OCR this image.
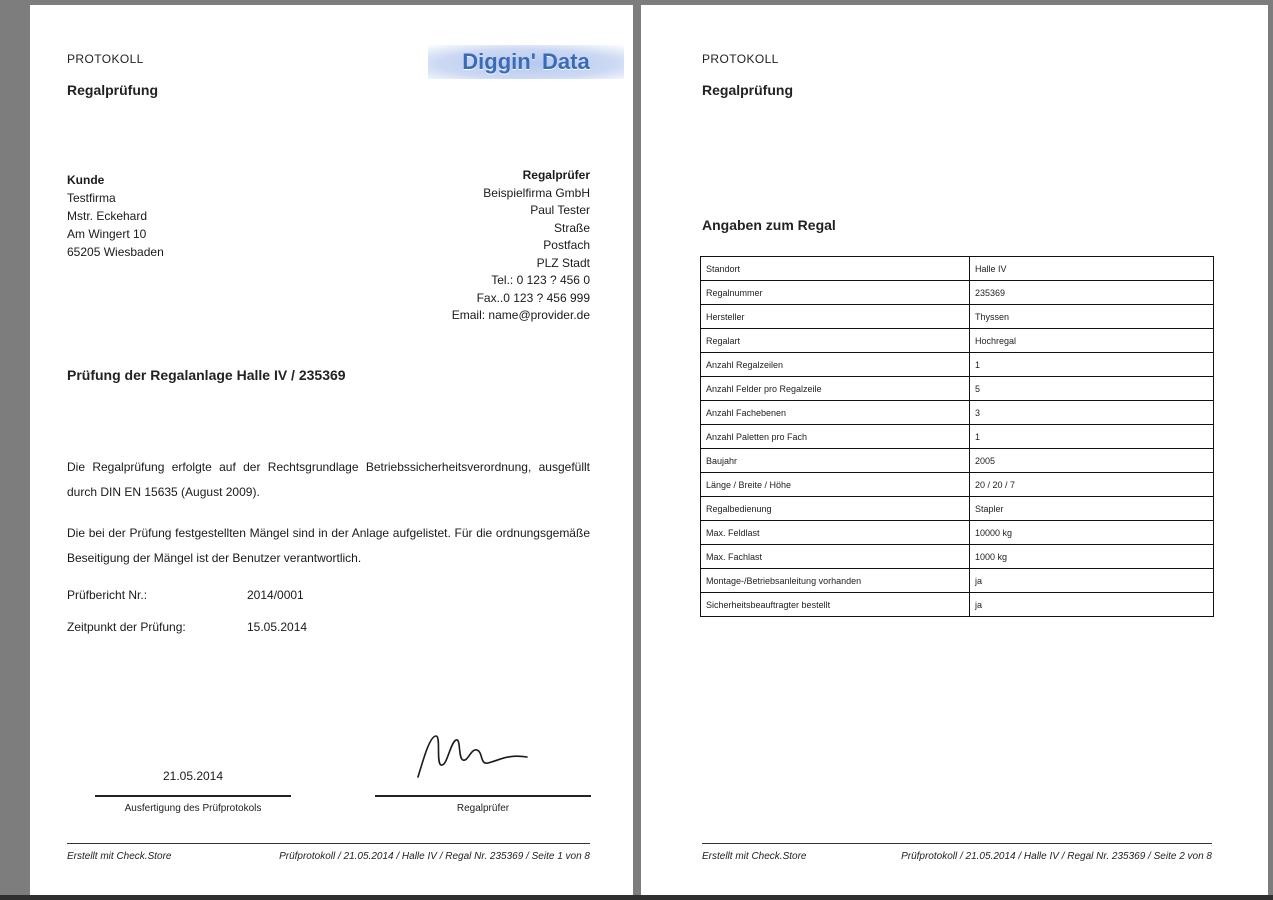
PROTOKOLL
Regalprüfung
Diggin' Data
Kunde
Testfirma
Mstr. Eckehard
Am Wingert 10
65205 Wiesbaden
Regalprüfer
Beispielfirma GmbH
Paul Tester
Straße
Postfach
PLZ Stadt
Tel.: 0 123 ? 456 0
Fax..0 123 ? 456 999
Email: name@provider.de
Prüfung der Regalanlage Halle IV / 235369
Die Regalprüfung erfolgte auf der Rechtsgrundlage Betriebssicherheitsverordnung, ausgefüllt durch DIN EN 15635 (August 2009).
Die bei der Prüfung festgestellten Mängel sind in der Anlage aufgelistet. Für die ordnungsgemäße Beseitigung der Mängel ist der Benutzer verantwortlich.
Prüfbericht Nr.:	2014/0001
Zeitpunkt der Prüfung:	15.05.2014
21.05.2014
Ausfertigung des Prüfprotokols	Regalprüfer
Erstellt mit Check.Store	Prüfprotokoll / 21.05.2014 / Halle IV / Regal Nr. 235369 / Seite 1 von 8
PROTOKOLL
Regalprüfung
Angaben zum Regal
Standort	Halle IV
Regalnummer	235369
Hersteller	Thyssen
Regalart	Hochregal
Anzahl Regalzeilen	1
Anzahl Felder pro Regalzeile	5
Anzahl Fachebenen	3
Anzahl Paletten pro Fach	1
Baujahr	2005
Länge / Breite / Höhe	20 / 20 / 7
Regalbedienung	Stapler
Max. Feldlast	10000 kg
Max. Fachlast	1000 kg
Montage-/Betriebsanleitung vorhanden	ja
Sicherheitsbeauftragter bestellt	ja
Erstellt mit Check.Store	Prüfprotokoll / 21.05.2014 / Halle IV / Regal Nr. 235369 / Seite 2 von 8
